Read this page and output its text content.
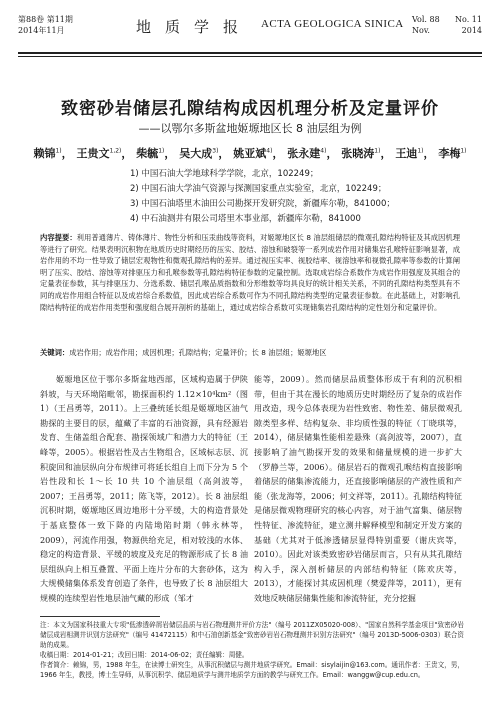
第88卷 第11期
2014年11月	地质学报 ACTA GEOLOGICA SINICA Vol. 88 No. 11
Nov.	2014
致密砂岩储层孔隙结构成因机理分析及定量评价
——以鄂尔多斯盆地姬塬地区长 8 油层组为例
赖锦$^{1)}$， 王贵文$^{1,2)}$， 柴毓$^{1)}$， 吴大成$^{3)}$， 姚亚斌$^{4)}$， 张永建$^{4)}$， 张晓涛$^{1)}$， 王迪$^{1)}$， 李梅$^{1)}$
1) 中国石油大学地球科学学院，北京，102249；
2) 中国石油大学油气资源与探测国家重点实验室，北京，102249；
3) 中国石油塔里木油田公司勘探开发研究院，新疆库尔勒，841000；
4) 中石油测井有限公司塔里木事业部，新疆库尔勒，841000
内容提要：利用普通薄片、铸体薄片、物性分析和压汞曲线等资料，对姬塬地区长 8 油层组储层的微观孔隙结构特征及其成因机理等进行了研究。结果表明沉积物在地质历史时期经历的压实、胶结、溶蚀和破裂等一系列成岩作用对储集岩孔喉特征影响显著，成岩作用的不均一性导致了储层宏观物性和微观孔隙结构的差异。通过视压实率、视胶结率、视溶蚀率和视微孔隙率等参数的计算阐明了压实、胶结、溶蚀等对排驱压力和孔喉参数等孔隙结构特征参数的定量控制。选取成岩综合系数作为成岩作用强度及其组合的定量表征参数，其与排驱压力、分选系数、储层孔喉品质指数和分形维数等均具良好的统计相关关系，不同的孔隙结构类型具有不同的成岩作用组合特征以及成岩综合系数值，因此成岩综合系数可作为不同孔隙结构类型的定量表征参数。在此基础上，对影响孔隙结构特征的成岩作用类型和强度组合展开剖析的基础上，通过成岩综合系数可实现储集岩孔隙结构的定性划分和定量评价。
关键词：成岩作用；成岩作用；成因机理；孔隙结构；定量评价；长 8 油层组；姬塬地区
姬塬地区位于鄂尔多斯盆地西部，区域构造属于伊陕斜坡，与天环坳陷毗邻，勘探面积约 1.12×10⁴km²（图1）（王昌勇等，2011）。上三叠统延长组是姬塬地区油气勘探的主要目的层，蕴藏了丰富的石油资源，具有经源岩发育、生储盖组合配套、勘探领域广和潜力大的特征（王峰等，2005）。根据岩性及古生物组合，区域标志层、沉积旋回和油层纵向分布规律可将延长组自上而下分为 5 个岩性段和长 1～长 10 共 10 个油层组（高剑波等，2007；王昌勇等，2011；陈飞等，2012）。长 8 油层组沉积时期，姬塬地区周边地形十分平缓，大的构造背景处于基底整体一致下降的内陆坳陷时期（韩永林等，2009），河流作用强，物源供给充足，相对较浅的水体、稳定的构造背景、平缓的坡度及充足的物源形成了长 8 油层组纵向上相互叠置、平面上连片分布的大套砂体，这为大规模储集体系发育创造了条件，也导致了长 8 油层组大规模的连续型岩性地层油气藏的形成（邹才
能等，2009）。然而储层品质整体形成于有利的沉积相带，但由于其在漫长的地质历史时期经历了复杂的成岩作用改造，现今总体表现为岩性致密、物性差、储层微观孔隙类型多样、结构复杂、非均质性强的特征（丁晓琪等，2014），储层储集性能相差悬殊（高剑波等，2007），直接影响了油气勘探开发的效果和储量规模的进一步扩大（罗静兰等，2006）。储层岩石的微观孔喉结构直接影响着储层的储集渗流能力，还直接影响储层的产液性质和产能（张龙海等，2006；何文祥等，2011）。孔隙结构特征是储层微观物理研究的核心内容，对于油气富集、储层物性特征、渗流特征，建立测井解释模型和制定开发方案的基础（尤其对于低渗透储层显得特别重要（谢庆宾等，2010）。因此对该类致密砂岩储层而言，只有从其孔隙结构入手，深入剖析储层的内部结构特征（陈欢庆等，2013），才能探讨其成因机理（樊爱萍等，2011），更有效地反映储层储集性能和渗流特征，充分挖掘
注：本文为国家科技重大专项"低渗透碎屑岩储层品质与岩石物理测井评价方法"（编号 2011ZX05020-008）、"国家自然科学基金项目"致密砂岩储层成岩相测井识别方法研究"（编号 41472115）和中石油创新基金"致密砂岩岩石物理测井识别方法研究"（编号 2013D-5006-0303）联合资助的成果。
收稿日期：2014-01-21；改回日期：2014-06-02；责任编辑：周健。
作者简介：赖锦，男，1988 年生，在读博士研究生，从事沉积储层与测井地质学研究。Email：sisylaijin@163.com。通讯作者：王贵文，男，1966 年生，教授，博士生导师，从事沉积学、储层地质学与测井地质学方面的教学与研究工作。Email：wanggw@cup.edu.cn。
